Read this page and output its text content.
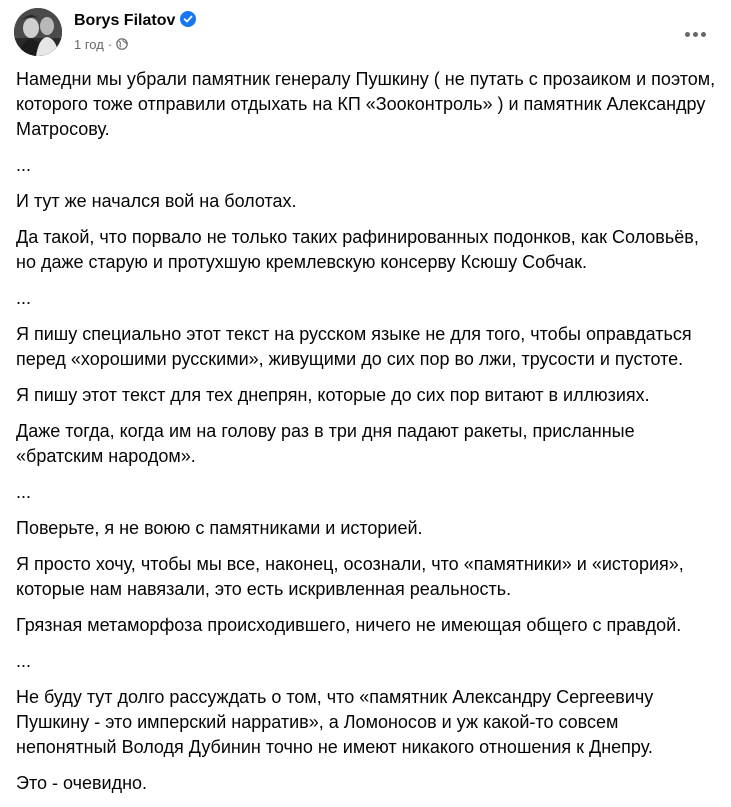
Borys Filatov
1 год ·

Намедни мы убрали памятник генералу Пушкину ( не путать с прозаиком и поэтом, которого тоже отправили отдыхать на КП «Зооконтроль» ) и памятник Александру Матросову.

...

И тут же начался вой на болотах.

Да такой, что порвало не только таких рафинированных подонков, как Соловьёв, но даже старую и протухшую кремлевскую консерву Ксюшу Собчак.

...

Я пишу специально этот текст на русском языке не для того, чтобы оправдаться перед «хорошими русскими», живущими до сих пор во лжи, трусости и пустоте.

Я пишу этот текст для тех днепрян, которые до сих пор витают в иллюзиях.

Даже тогда, когда им на голову раз в три дня падают ракеты, присланные «братским народом».

...

Поверьте, я не воюю с памятниками и историей.

Я просто хочу, чтобы мы все, наконец, осознали, что «памятники» и «история», которые нам навязали, это есть искривленная реальность.

Грязная метаморфоза происходившего, ничего не имеющая общего с правдой.

...

Не буду тут долго рассуждать о том, что «памятник Александру Сергеевичу Пушкину - это имперский нарратив», а Ломоносов и уж какой-то совсем непонятный Володя Дубинин точно не имеют никакого отношения к Днепру.

Это - очевидно.
